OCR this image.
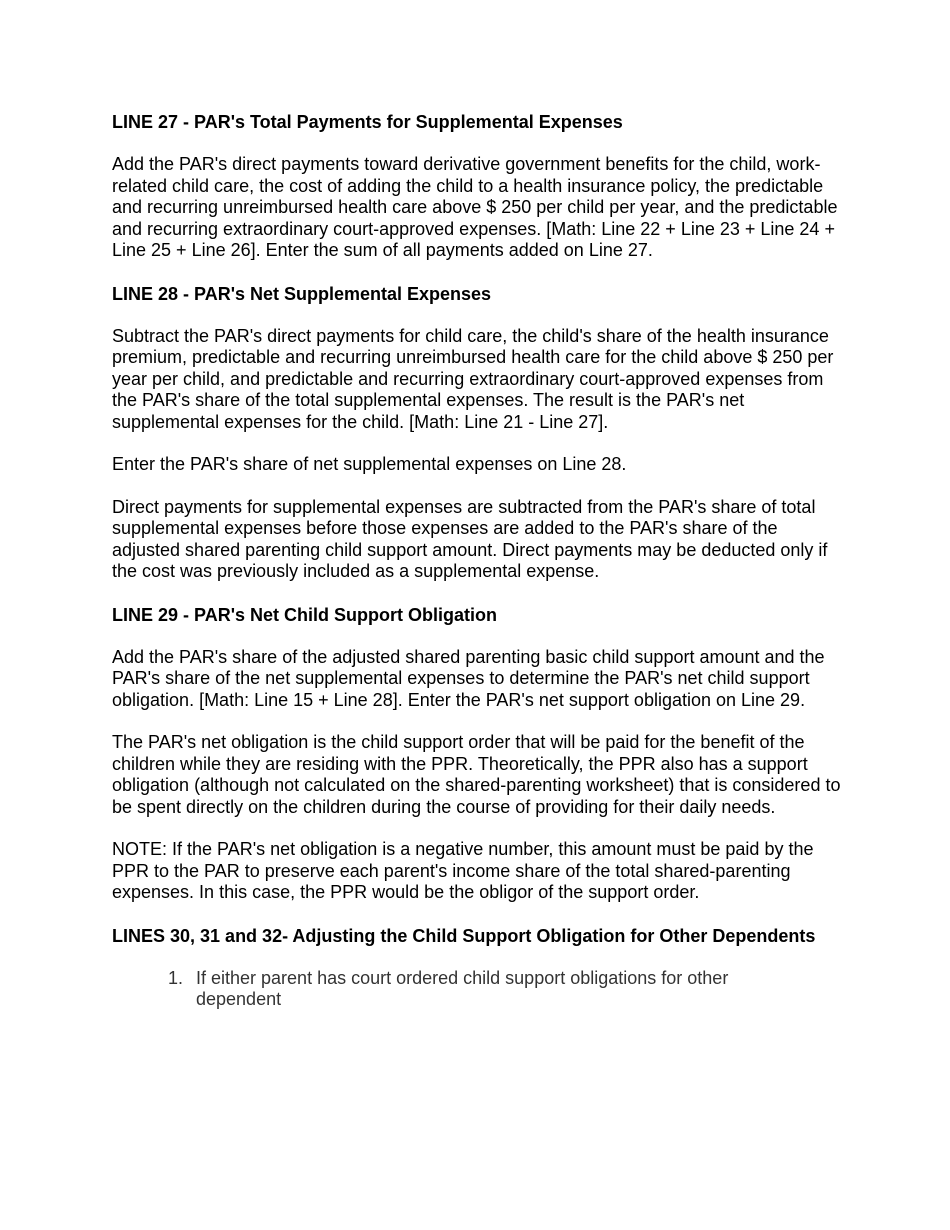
LINE 27 - PAR's Total Payments for Supplemental Expenses

Add the PAR's direct payments toward derivative government benefits for the child, work-related child care, the cost of adding the child to a health insurance policy, the predictable and recurring unreimbursed health care above $ 250 per child per year, and the predictable and recurring extraordinary court-approved expenses. [Math: Line 22 + Line 23 + Line 24 + Line 25 + Line 26]. Enter the sum of all payments added on Line 27.

LINE 28 - PAR's Net Supplemental Expenses

Subtract the PAR's direct payments for child care, the child's share of the health insurance premium, predictable and recurring unreimbursed health care for the child above $ 250 per year per child, and predictable and recurring extraordinary court-approved expenses from the PAR's share of the total supplemental expenses. The result is the PAR's net supplemental expenses for the child. [Math: Line 21 - Line 27].

Enter the PAR's share of net supplemental expenses on Line 28.

Direct payments for supplemental expenses are subtracted from the PAR's share of total supplemental expenses before those expenses are added to the PAR's share of the adjusted shared parenting child support amount. Direct payments may be deducted only if the cost was previously included as a supplemental expense.

LINE 29 - PAR's Net Child Support Obligation

Add the PAR's share of the adjusted shared parenting basic child support amount and the PAR's share of the net supplemental expenses to determine the PAR's net child support obligation. [Math: Line 15 + Line 28]. Enter the PAR's net support obligation on Line 29.

The PAR's net obligation is the child support order that will be paid for the benefit of the children while they are residing with the PPR. Theoretically, the PPR also has a support obligation (although not calculated on the shared-parenting worksheet) that is considered to be spent directly on the children during the course of providing for their daily needs.

NOTE: If the PAR's net obligation is a negative number, this amount must be paid by the PPR to the PAR to preserve each parent's income share of the total shared-parenting expenses. In this case, the PPR would be the obligor of the support order.

LINES 30, 31 and 32- Adjusting the Child Support Obligation for Other Dependents
1. If either parent has court ordered child support obligations for other dependent
